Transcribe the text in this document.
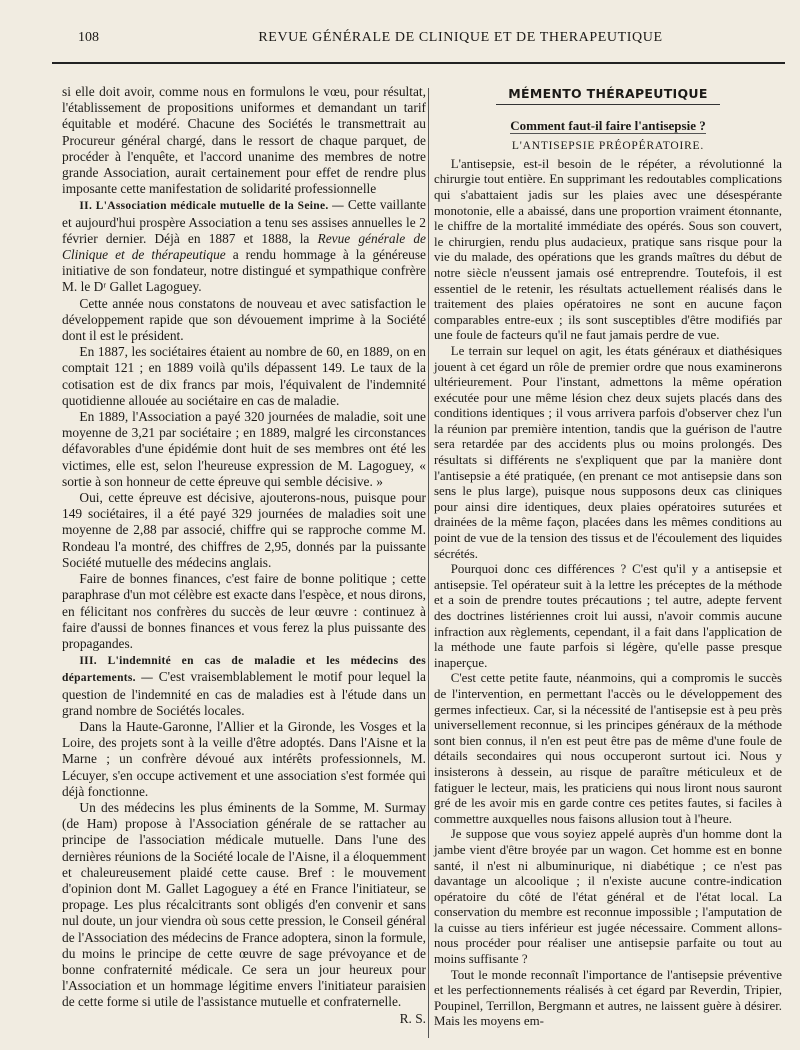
108	REVUE GÉNÉRALE DE CLINIQUE ET DE THERAPEUTIQUE

si elle doit avoir, comme nous en formulons le vœu, pour résultat, l'établissement de propositions uniformes et demandant un tarif équitable et modéré. Chacune des Sociétés le transmettrait au Procureur général chargé, dans le ressort de chaque parquet, de procéder à l'enquête, et l'accord unanime des membres de notre grande Association, aurait certainement pour effet de rendre plus imposante cette manifestation de solidarité professionnelle

II. L'Association médicale mutuelle de la Seine. — Cette vaillante et aujourd'hui prospère Association a tenu ses assises annuelles le 2 février dernier. Déjà en 1887 et 1888, la Revue générale de Clinique et de thérapeutique a rendu hommage à la généreuse initiative de son fondateur, notre distingué et sympathique confrère M. le Dʳ Gallet Lagoguey.

Cette année nous constatons de nouveau et avec satisfaction le développement rapide que son dévouement imprime à la Société dont il est le président.

En 1887, les sociétaires étaient au nombre de 60, en 1889, on en comptait 121 ; en 1889 voilà qu'ils dépassent 149. Le taux de la cotisation est de dix francs par mois, l'équivalent de l'indemnité quotidienne allouée au sociétaire en cas de maladie.

En 1889, l'Association a payé 320 journées de maladie, soit une moyenne de 3,21 par sociétaire ; en 1889, malgré les circonstances défavorables d'une épidémie dont huit de ses membres ont été les victimes, elle est, selon l'heureuse expression de M. Lagoguey, « sortie à son honneur de cette épreuve qui semble décisive. »

Oui, cette épreuve est décisive, ajouterons-nous, puisque pour 149 sociétaires, il a été payé 329 journées de maladies soit une moyenne de 2,88 par associé, chiffre qui se rapproche comme M. Rondeau l'a montré, des chiffres de 2,95, donnés par la puissante Société mutuelle des médecins anglais.

Faire de bonnes finances, c'est faire de bonne politique ; cette paraphrase d'un mot célèbre est exacte dans l'espèce, et nous dirons, en félicitant nos confrères du succès de leur œuvre : continuez à faire d'aussi de bonnes finances et vous ferez la plus puissante des propagandes.

III. L'indemnité en cas de maladie et les médecins des départements. — C'est vraisemblablement le motif pour lequel la question de l'indemnité en cas de maladies est à l'étude dans un grand nombre de Sociétés locales.

Dans la Haute-Garonne, l'Allier et la Gironde, les Vosges et la Loire, des projets sont à la veille d'être adoptés. Dans l'Aisne et la Marne ; un confrère dévoué aux intérêts professionnels, M. Lécuyer, s'en occupe activement et une association s'est formée qui déjà fonctionne.

Un des médecins les plus éminents de la Somme, M. Surmay (de Ham) propose à l'Association générale de se rattacher au principe de l'association médicale mutuelle. Dans l'une des dernières réunions de la Société locale de l'Aisne, il a éloquemment et chaleureusement plaidé cette cause. Bref : le mouvement d'opinion dont M. Gallet Lagoguey a été en France l'initiateur, se propage. Les plus récalcitrants sont obligés d'en convenir et sans nul doute, un jour viendra où sous cette pression, le Conseil général de l'Association des médecins de France adoptera, sinon la formule, du moins le principe de cette œuvre de sage prévoyance et de bonne confraternité médicale. Ce sera un jour heureux pour l'Association et un hommage légitime envers l'initiateur paraisien de cette forme si utile de l'assistance mutuelle et confraternelle.

R. S.

MÉMENTO THÉRAPEUTIQUE
Comment faut-il faire l'antisepsie ?
L'ANTISEPSIE PRÉOPÉRATOIRE.

L'antisepsie, est-il besoin de le répéter, a révolutionné la chirurgie tout entière. En supprimant les redoutables complications qui s'abattaient jadis sur les plaies avec une désespérante monotonie, elle a abaissé, dans une proportion vraiment étonnante, le chiffre de la mortalité immédiate des opérés. Sous son couvert, le chirurgien, rendu plus audacieux, pratique sans risque pour la vie du malade, des opérations que les grands maîtres du début de notre siècle n'eussent jamais osé entreprendre. Toutefois, il est essentiel de le retenir, les résultats actuellement réalisés dans le traitement des plaies opératoires ne sont en aucune façon comparables entre-eux ; ils sont susceptibles d'être modifiés par une foule de facteurs qu'il ne faut jamais perdre de vue.

Le terrain sur lequel on agit, les états généraux et diathésiques jouent à cet égard un rôle de premier ordre que nous examinerons ultérieurement. Pour l'instant, admettons la même opération exécutée pour une même lésion chez deux sujets placés dans des conditions identiques ; il vous arrivera parfois d'observer chez l'un la réunion par première intention, tandis que la guérison de l'autre sera retardée par des accidents plus ou moins prolongés. Des résultats si différents ne s'expliquent que par la manière dont l'antisepsie a été pratiquée, (en prenant ce mot antisepsie dans son sens le plus large), puisque nous supposons deux cas cliniques pour ainsi dire identiques, deux plaies opératoires suturées et drainées de la même façon, placées dans les mêmes conditions au point de vue de la tension des tissus et de l'écoulement des liquides sécrétés.

Pourquoi donc ces différences ? C'est qu'il y a antisepsie et antisepsie. Tel opérateur suit à la lettre les préceptes de la méthode et a soin de prendre toutes précautions ; tel autre, adepte fervent des doctrines listériennes croit lui aussi, n'avoir commis aucune infraction aux règlements, cependant, il a fait dans l'application de la méthode une faute parfois si légère, qu'elle passe presque inaperçue.

C'est cette petite faute, néanmoins, qui a compromis le succès de l'intervention, en permettant l'accès ou le développement des germes infectieux. Car, si la nécessité de l'antisepsie est à peu près universellement reconnue, si les principes généraux de la méthode sont bien connus, il n'en est peut être pas de même d'une foule de détails secondaires qui nous occuperont surtout ici. Nous y insisterons à dessein, au risque de paraître méticuleux et de fatiguer le lecteur, mais, les praticiens qui nous liront nous sauront gré de les avoir mis en garde contre ces petites fautes, si faciles à commettre auxquelles nous faisons allusion tout à l'heure.

Je suppose que vous soyiez appelé auprès d'un homme dont la jambe vient d'être broyée par un wagon. Cet homme est en bonne santé, il n'est ni albuminurique, ni diabétique ; ce n'est pas davantage un alcoolique ; il n'existe aucune contre-indication opératoire du côté de l'état général et de l'état local. La conservation du membre est reconnue impossible ; l'amputation de la cuisse au tiers inférieur est jugée nécessaire. Comment allons-nous procéder pour réaliser une antisepsie parfaite ou tout au moins suffisante ?

Tout le monde reconnaît l'importance de l'antisepsie préventive et les perfectionnements réalisés à cet égard par Reverdin, Tripier, Poupinel, Terrillon, Bergmann et autres, ne laissent guère à désirer. Mais les moyens em-
